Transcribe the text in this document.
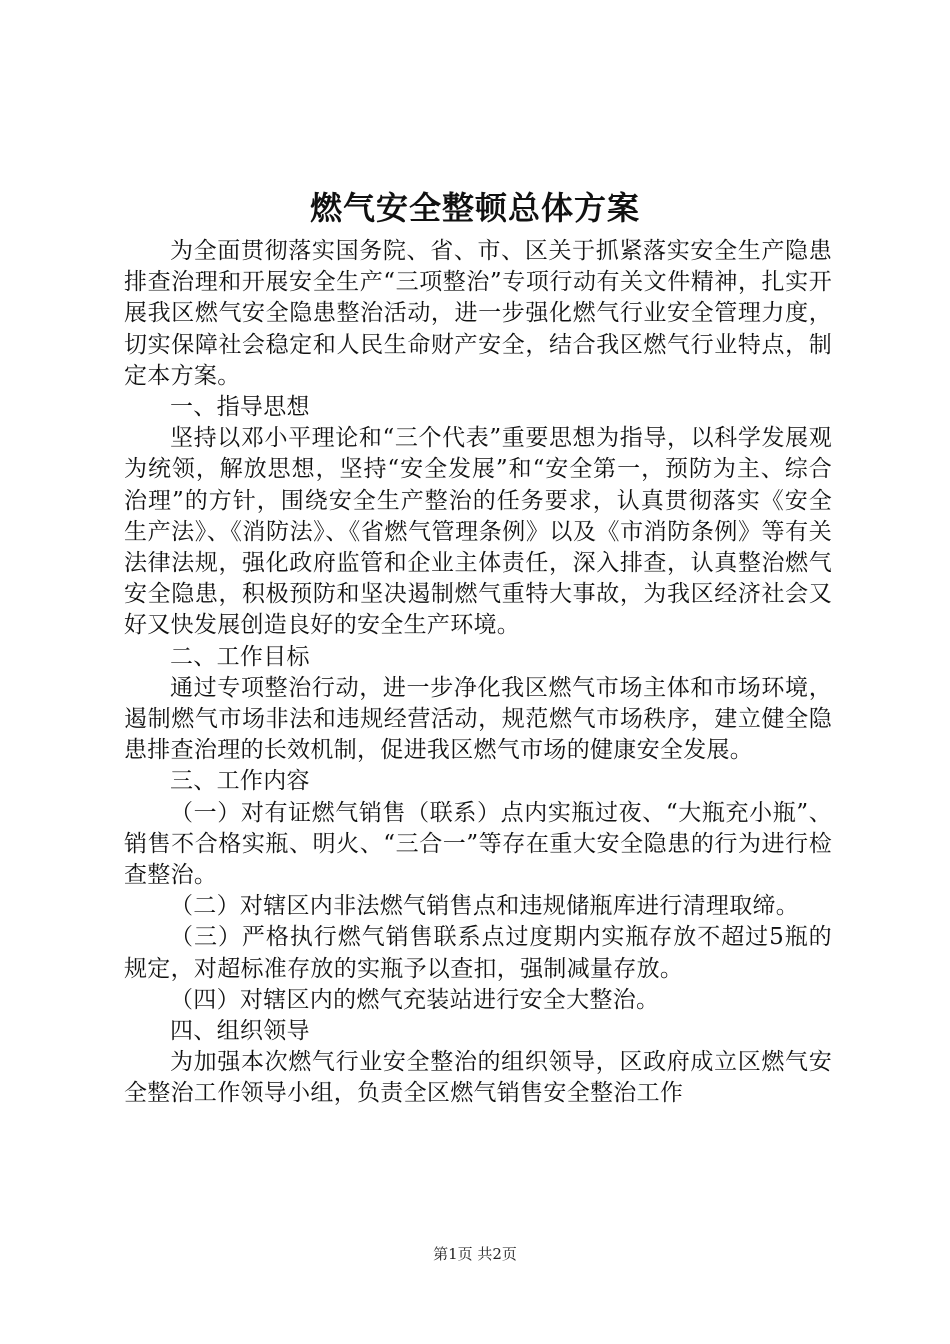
燃气安全整顿总体方案

为全面贯彻落实国务院、省、市、区关于抓紧落实安全生产隐患排查治理和开展安全生产“三项整治”专项行动有关文件精神，扎实开展我区燃气安全隐患整治活动，进一步强化燃气行业安全管理力度，切实保障社会稳定和人民生命财产安全，结合我区燃气行业特点，制定本方案。

一、指导思想

坚持以邓小平理论和“三个代表”重要思想为指导，以科学发展观为统领，解放思想，坚持“安全发展”和“安全第一，预防为主、综合治理”的方针，围绕安全生产整治的任务要求，认真贯彻落实《安全生产法》、《消防法》、《省燃气管理条例》以及《市消防条例》等有关法律法规，强化政府监管和企业主体责任，深入排查，认真整治燃气安全隐患，积极预防和坚决遏制燃气重特大事故，为我区经济社会又好又快发展创造良好的安全生产环境。

二、工作目标

通过专项整治行动，进一步净化我区燃气市场主体和市场环境，遏制燃气市场非法和违规经营活动，规范燃气市场秩序，建立健全隐患排查治理的长效机制，促进我区燃气市场的健康安全发展。

三、工作内容

（一）对有证燃气销售（联系）点内实瓶过夜、“大瓶充小瓶”、销售不合格实瓶、明火、“三合一”等存在重大安全隐患的行为进行检查整治。

（二）对辖区内非法燃气销售点和违规储瓶库进行清理取缔。

（三）严格执行燃气销售联系点过度期内实瓶存放不超过5瓶的规定，对超标准存放的实瓶予以查扣，强制减量存放。

（四）对辖区内的燃气充装站进行安全大整治。

四、组织领导

为加强本次燃气行业安全整治的组织领导，区政府成立区燃气安全整治工作领导小组，负责全区燃气销售安全整治工作

第1页 共2页
